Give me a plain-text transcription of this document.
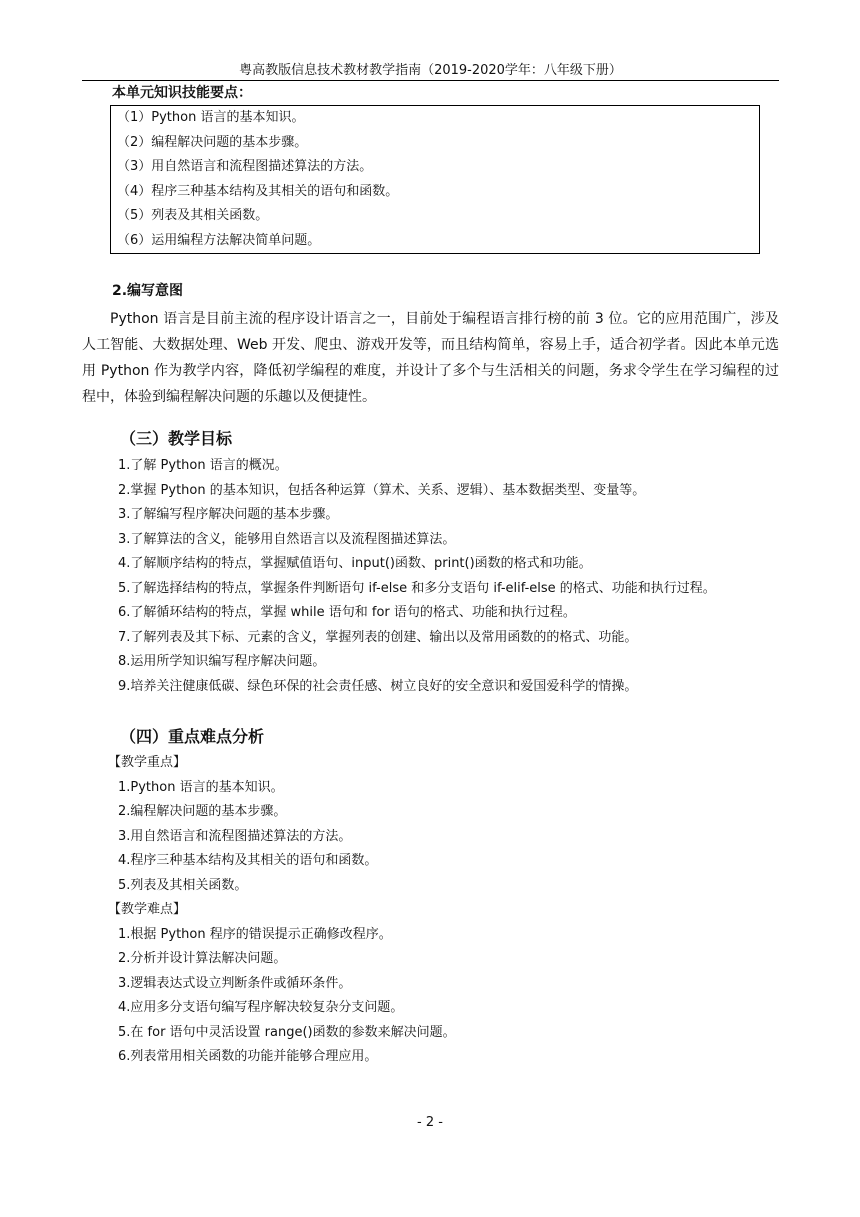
粤高教版信息技术教材教学指南（2019-2020学年：八年级下册）
本单元知识技能要点：
（1）Python 语言的基本知识。
（2）编程解决问题的基本步骤。
（3）用自然语言和流程图描述算法的方法。
（4）程序三种基本结构及其相关的语句和函数。
（5）列表及其相关函数。
（6）运用编程方法解决简单问题。
2.编写意图
Python 语言是目前主流的程序设计语言之一，目前处于编程语言排行榜的前 3 位。它的应用范围广，涉及人工智能、大数据处理、Web 开发、爬虫、游戏开发等，而且结构简单，容易上手，适合初学者。因此本单元选用 Python 作为教学内容，降低初学编程的难度，并设计了多个与生活相关的问题，务求令学生在学习编程的过程中，体验到编程解决问题的乐趣以及便捷性。
（三）教学目标
1.了解 Python 语言的概况。
2.掌握 Python 的基本知识，包括各种运算（算术、关系、逻辑）、基本数据类型、变量等。
3.了解编写程序解决问题的基本步骤。
3.了解算法的含义，能够用自然语言以及流程图描述算法。
4.了解顺序结构的特点，掌握赋值语句、input()函数、print()函数的格式和功能。
5.了解选择结构的特点，掌握条件判断语句 if-else 和多分支语句 if-elif-else 的格式、功能和执行过程。
6.了解循环结构的特点，掌握 while 语句和 for 语句的格式、功能和执行过程。
7.了解列表及其下标、元素的含义，掌握列表的创建、输出以及常用函数的的格式、功能。
8.运用所学知识编写程序解决问题。
9.培养关注健康低碳、绿色环保的社会责任感、树立良好的安全意识和爱国爱科学的情操。
（四）重点难点分析
【教学重点】
1.Python 语言的基本知识。
2.编程解决问题的基本步骤。
3.用自然语言和流程图描述算法的方法。
4.程序三种基本结构及其相关的语句和函数。
5.列表及其相关函数。
【教学难点】
1.根据 Python 程序的错误提示正确修改程序。
2.分析并设计算法解决问题。
3.逻辑表达式设立判断条件或循环条件。
4.应用多分支语句编写程序解决较复杂分支问题。
5.在 for 语句中灵活设置 range()函数的参数来解决问题。
6.列表常用相关函数的功能并能够合理应用。
- 2 -
